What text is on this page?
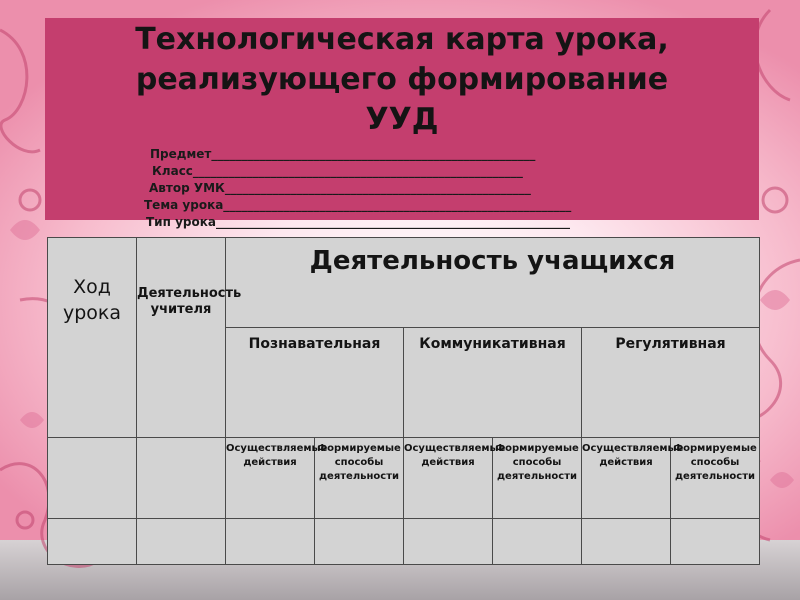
Технологическая карта урока,
реализующего формирование
УУД
Предмет______________________________________________________
Класс_______________________________________________________
Автор УМК___________________________________________________
Тема урока__________________________________________________________
Тип урока___________________________________________________________
Ход урока	Деятельность учителя	Деятельность учащихся					
		Познавательная		Коммуникативная		Регулятивная	
		Осуществляемые действия	Формируемые способы деятельности	Осуществляемые действия	Формируемые способы деятельности	Осуществляемые действия	Формируемые способы деятельности
